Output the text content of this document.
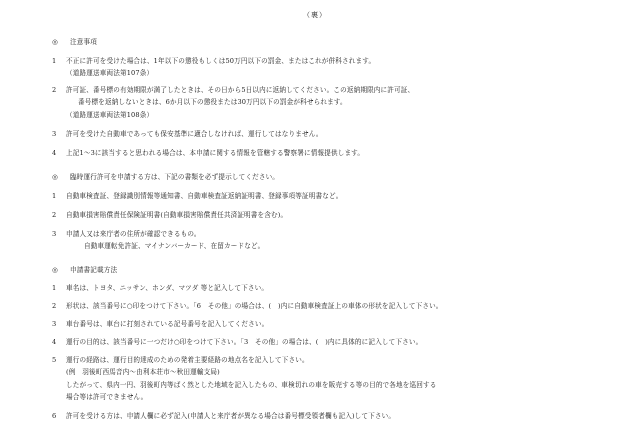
（裏）
◎ 注意事項
1 不正に許可を受けた場合は、1年以下の懲役もしくは50万円以下の罰金、またはこれが併科されます。
（道路運送車両法第107条）
2 許可証、番号標の有効期限が満了したときは、その日から5日以内に返納してください。この返納期限内に許可証、
番号標を返納しないときは、6か月以下の懲役または30万円以下の罰金が科せられます。
（道路運送車両法第108条）
3 許可を受けた自動車であっても保安基準に適合しなければ、運行してはなりません。
4 上記1～3に該当すると思われる場合は、本申請に関する情報を管轄する警察署に情報提供します。
◎ 臨時運行許可を申請する方は、下記の書類を必ず提示してください。
1 自動車検査証、登録識別情報等通知書、自動車検査証返納証明書、登録事項等証明書など。
2 自動車損害賠償責任保険証明書(自動車損害賠償責任共済証明書を含む)。
3 申請人又は来庁者の住所が確認できるもの。
自動車運転免許証、マイナンバーカード、在留カードなど。
◎ 申請書記載方法
1 車名は、トヨタ、ニッサン、ホンダ、マツダ 等と記入して下さい。
2 形状は、該当番号に○印をつけて下さい。「6　その他」の場合は、(　)内に自動車検査証上の車体の形状を記入して下さい。
3 車台番号は、車台に打刻されている記号番号を記入してください。
4 運行の目的は、該当番号に一つだけ○印をつけて下さい。「3　その他」の場合は、(　)内に具体的に記入して下さい。
5 運行の経路は、運行目的達成のための発着主要経路の地点名を記入して下さい。
(例　羽後町西馬音内～由利本荘市～秋田運輸支局)
したがって、県内一円、羽後町内等ばく然とした地域を記入したもの、車検切れの車を販売する等の目的で各地を巡回する
場合等は許可できません。
6 許可を受ける方は、申請人欄に必ず記入(申請人と来庁者が異なる場合は番号標受領者欄も記入)して下さい。
